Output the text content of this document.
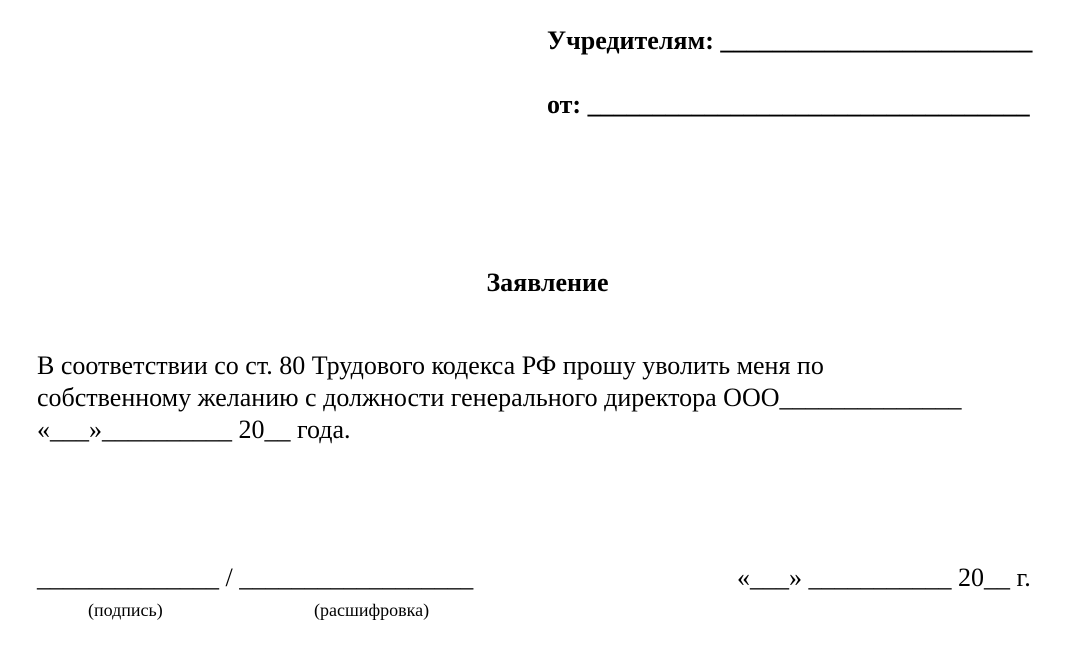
Учредителям: ________________________
от: __________________________________
Заявление
В соответствии со ст. 80 Трудового кодекса РФ прошу уволить меня по
собственному желанию с должности генерального директора ООО______________
«___»__________ 20__ года.
______________ / __________________	«___» ___________ 20__ г.
(подпись)	(расшифровка)
